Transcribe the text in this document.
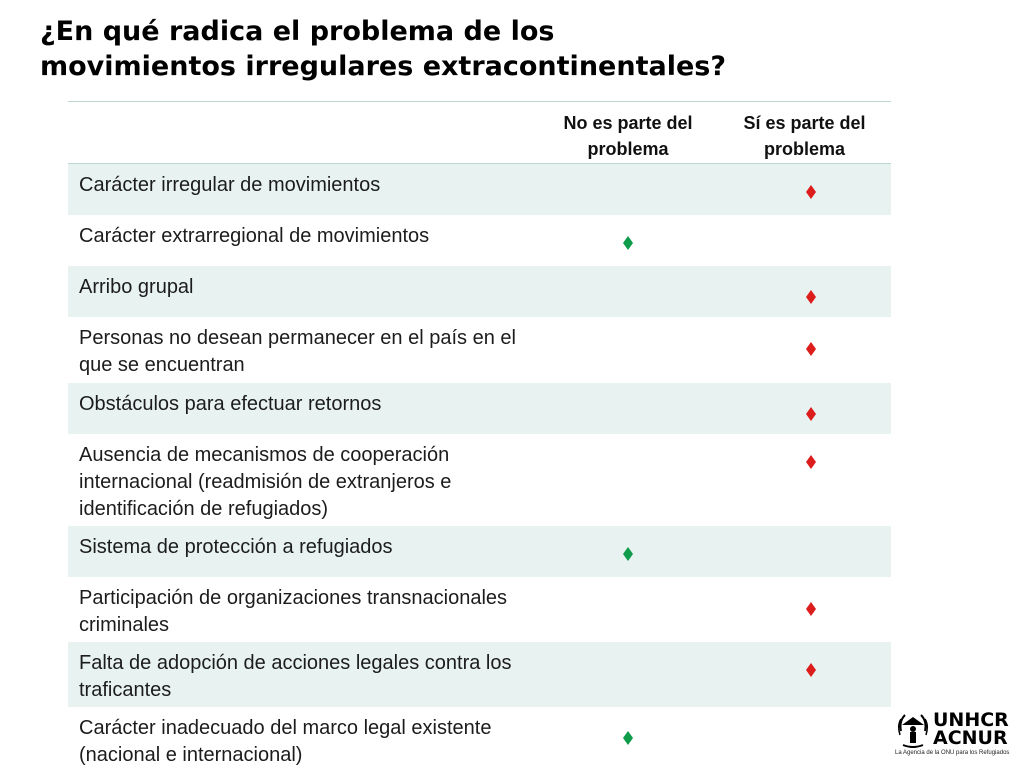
¿En qué radica el problema de los
movimientos irregulares extracontinentales?
No es parte del problema
Sí es parte del problema
Carácter irregular de movimientos
Carácter extrarregional de movimientos
Arribo grupal
Personas no desean permanecer en el país en el que se encuentran
Obstáculos para efectuar retornos
Ausencia de mecanismos de cooperación internacional (readmisión de extranjeros e identificación de refugiados)
Sistema de protección a refugiados
Participación de organizaciones transnacionales criminales
Falta de adopción de acciones legales contra los traficantes
Carácter inadecuado del marco legal existente (nacional e internacional)
UNHCR
ACNUR
La Agencia de la ONU para los Refugiados
